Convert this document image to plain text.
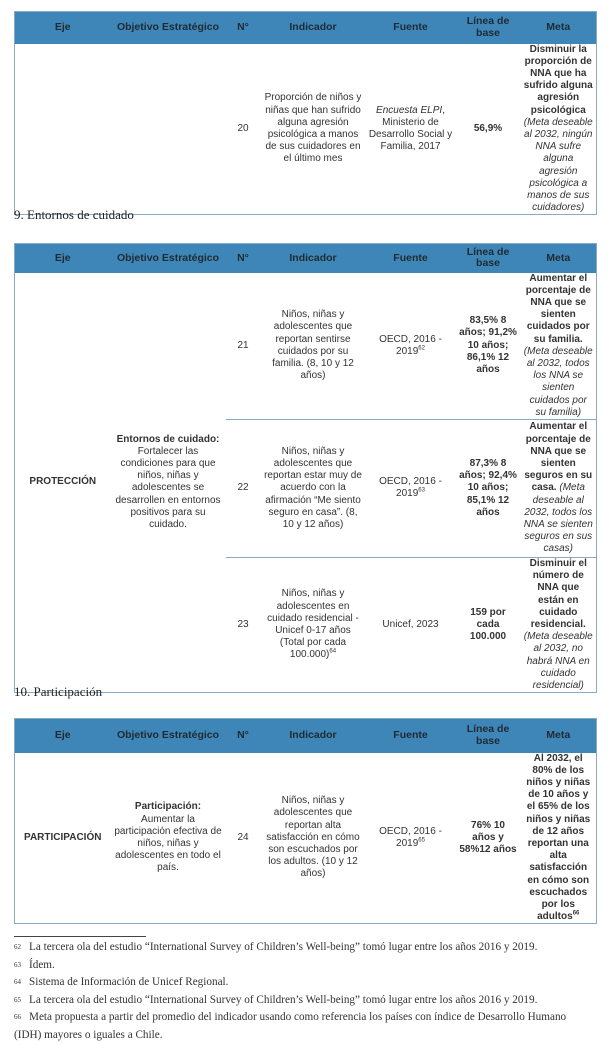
Eje	Objetivo Estratégico	N°	Indicador	Fuente	Línea de base	Meta
		20	Proporción de niños y niñas que han sufrido alguna agresión psicológica a manos de sus cuidadores en el último mes	Encuesta ELPI, Ministerio de Desarrollo Social y Familia, 2017	56,9%	Disminuir la proporción de NNA que ha sufrido alguna agresión psicológica (Meta deseable al 2032, ningún NNA sufre alguna agresión psicológica a manos de sus cuidadores)
9. Entornos de cuidado
Eje	Objetivo Estratégico	N°	Indicador	Fuente	Línea de base	Meta
PROTECCIÓN	Entornos de cuidado: Fortalecer las condiciones para que niños, niñas y adolescentes se desarrollen en entornos positivos para su cuidado.	21	Niños, niñas y adolescentes que reportan sentirse cuidados por su familia. (8, 10 y 12 años)	OECD, 2016 - 2019$^{62}$	83,5% 8 años; 91,2% 10 años; 86,1% 12 años	Aumentar el porcentaje de NNA que se sienten cuidados por su familia. (Meta deseable al 2032, todos los NNA se sienten cuidados por su familia)
		22	Niños, niñas y adolescentes que reportan estar muy de acuerdo con la afirmación “Me siento seguro en casa”. (8, 10 y 12 años)	OECD, 2016 - 2019$^{63}$	87,3% 8 años; 92,4% 10 años; 85,1% 12 años	Aumentar el porcentaje de NNA que se sienten seguros en su casa. (Meta deseable al 2032, todos los NNA se sienten seguros en sus casas)
		23	Niños, niñas y adolescentes en cuidado residencial - Unicef 0-17 años (Total por cada 100.000)$^{64}$	Unicef, 2023	159 por cada 100.000	Disminuir el número de NNA que están en cuidado residencial. (Meta deseable al 2032, no habrá NNA en cuidado residencial)
10. Participación
Eje	Objetivo Estratégico	N°	Indicador	Fuente	Línea de base	Meta
PARTICIPACIÓN	Participación: Aumentar la participación efectiva de niños, niñas y adolescentes en todo el país.	24	Niños, niñas y adolescentes que reportan alta satisfacción en cómo son escuchados por los adultos. (10 y 12 años)	OECD, 2016 - 2019$^{65}$	76% 10 años y 58%12 años	Al 2032, el 80% de los niños y niñas de 10 años y el 65% de los niños y niñas de 12 años reportan una alta satisfacción en cómo son escuchados por los adultos$^{66}$
$^{62}$ La tercera ola del estudio “International Survey of Children’s Well-being” tomó lugar entre los años 2016 y 2019.
$^{63}$ Ídem.
$^{64}$ Sistema de Información de Unicef Regional.
$^{65}$ La tercera ola del estudio “International Survey of Children’s Well-being” tomó lugar entre los años 2016 y 2019.
$^{66}$ Meta propuesta a partir del promedio del indicador usando como referencia los países con índice de Desarrollo Humano (IDH) mayores o iguales a Chile.
